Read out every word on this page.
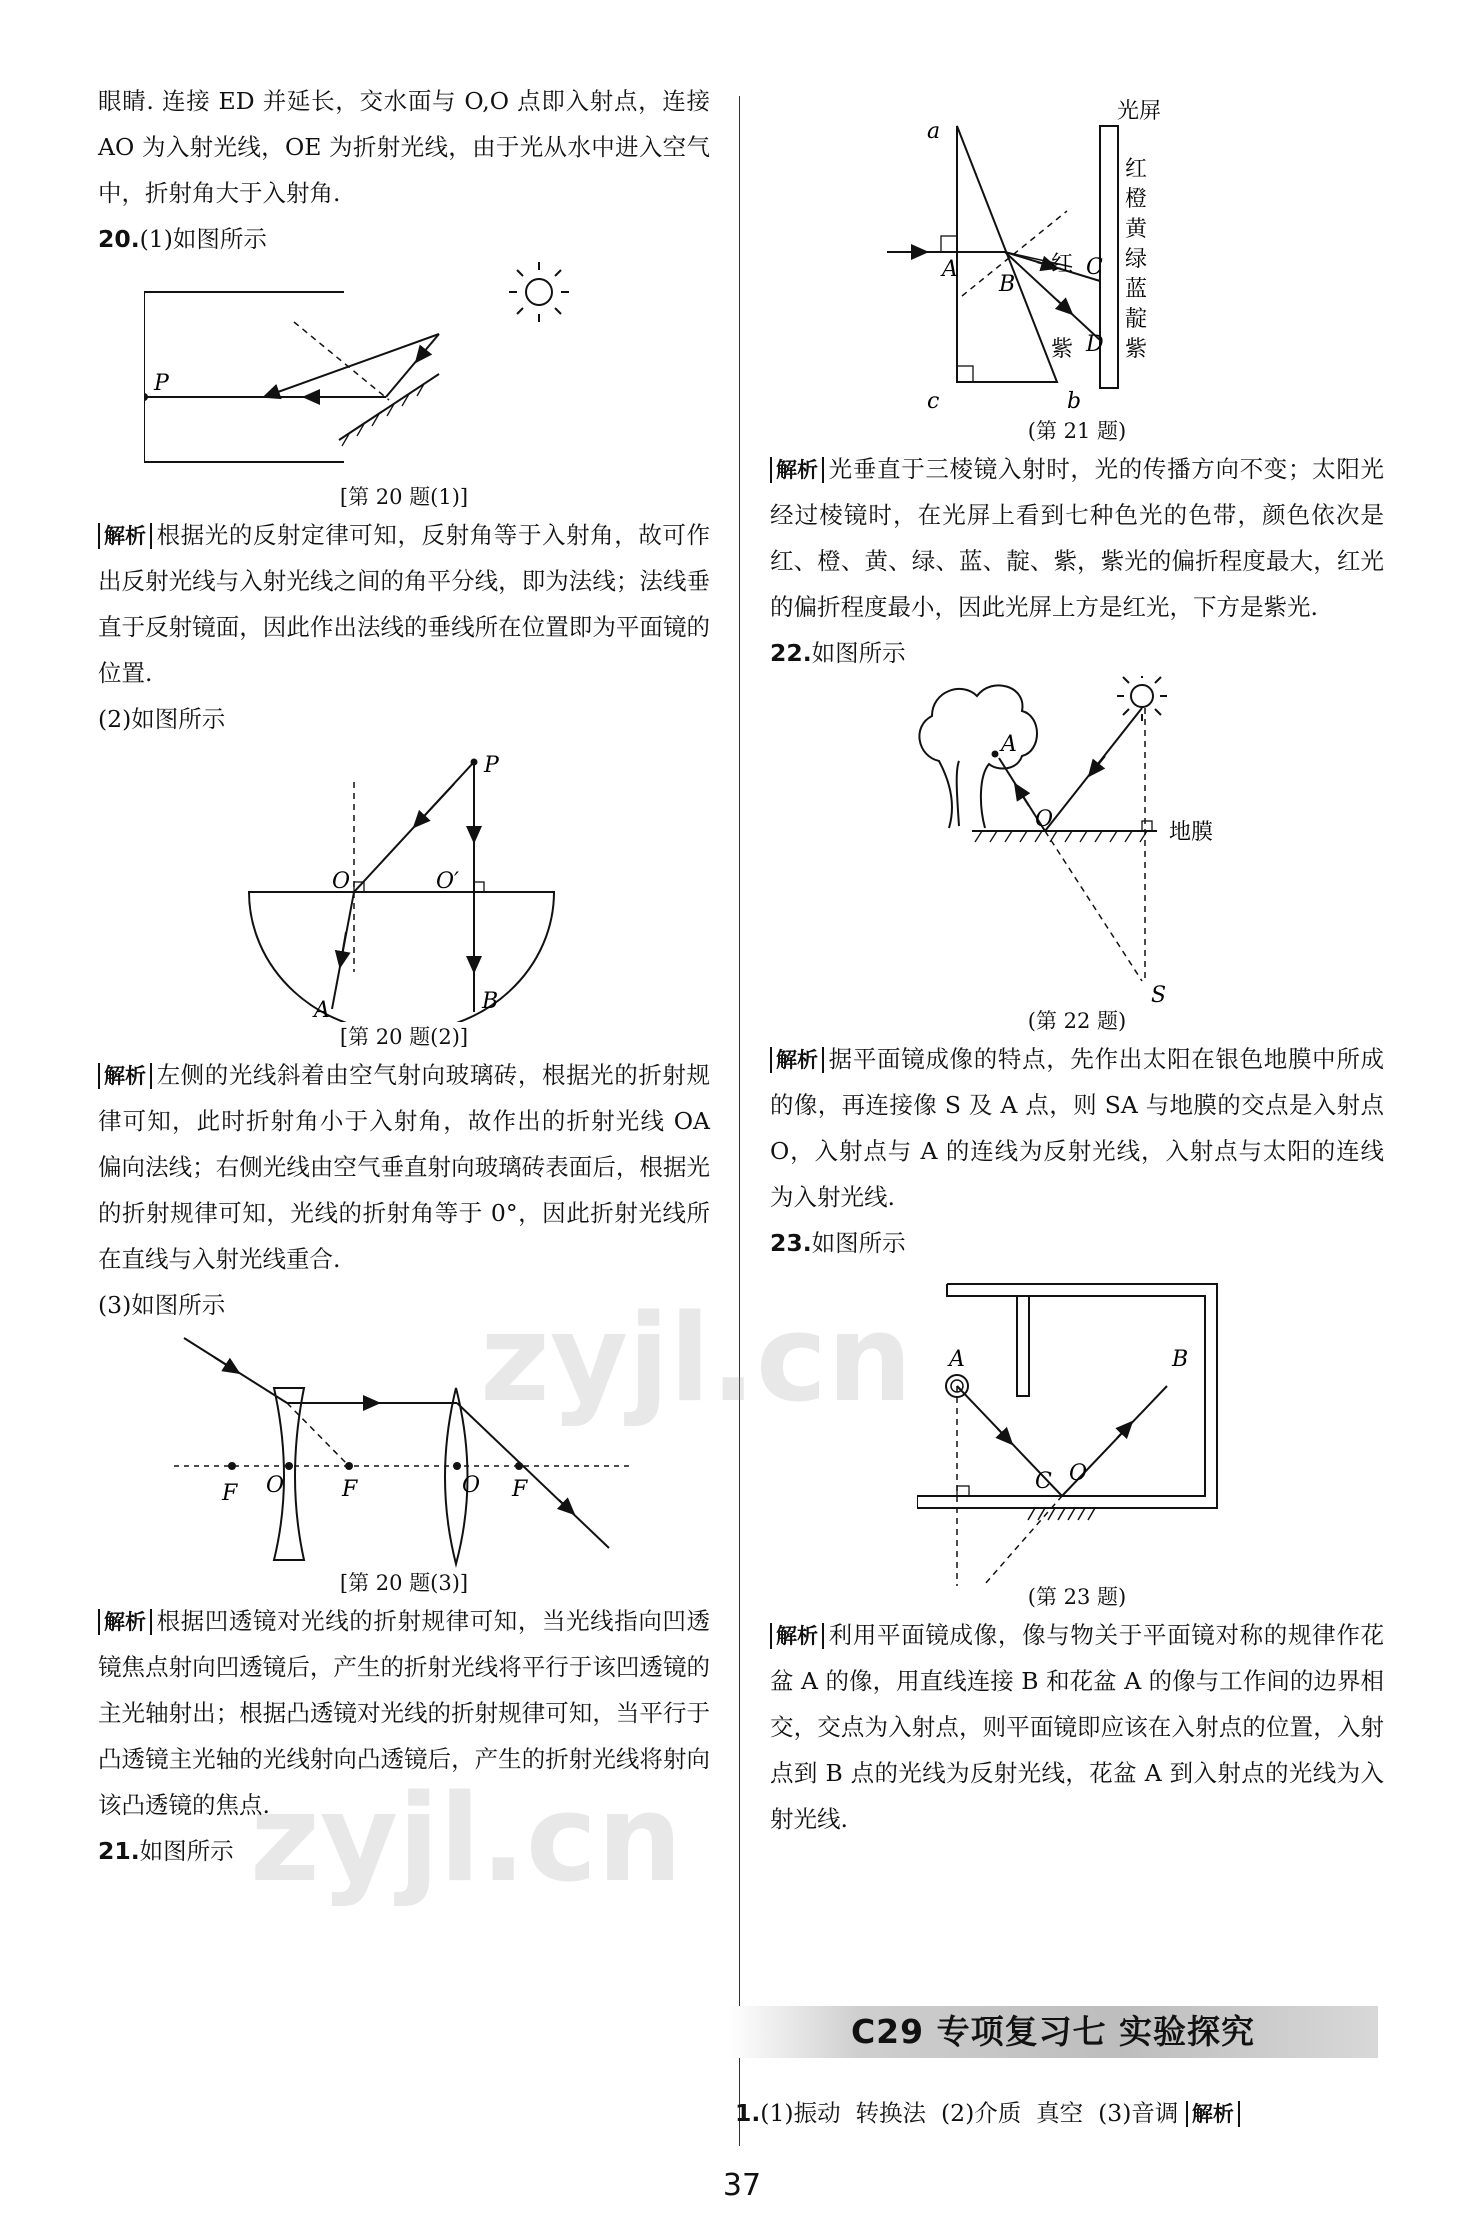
眼睛. 连接 ED 并延长，交水面与 O,O 点即入射点，连接 AO 为入射光线，OE 为折射光线，由于光从水中进入空气中，折射角大于入射角.

20.(1)如图所示

P

[第 20 题(1)]

解析 根据光的反射定律可知，反射角等于入射角，故可作出反射光线与入射光线之间的角平分线，即为法线；法线垂直于反射镜面，因此作出法线的垂线所在位置即为平面镜的位置.

(2)如图所示

P
O	O′
A	B

[第 20 题(2)]

解析 左侧的光线斜着由空气射向玻璃砖，根据光的折射规律可知，此时折射角小于入射角，故作出的折射光线 OA 偏向法线；右侧光线由空气垂直射向玻璃砖表面后，根据光的折射规律可知，光线的折射角等于 0°，因此折射光线所在直线与入射光线重合.

(3)如图所示

F O	F	O F

[第 20 题(3)]

解析 根据凹透镜对光线的折射规律可知，当光线指向凹透镜焦点射向凹透镜后，产生的折射光线将平行于该凹透镜的主光轴射出；根据凸透镜对光线的折射规律可知，当平行于凸透镜主光轴的光线射向凸透镜后，产生的折射光线将射向该凸透镜的焦点.

21.如图所示

光屏
a
c	b
A
B
红 C
紫 D
红
橙
黄
绿
蓝
靛
紫

(第 21 题)

解析 光垂直于三棱镜入射时，光的传播方向不变；太阳光经过棱镜时，在光屏上看到七种色光的色带，颜色依次是红、橙、黄、绿、蓝、靛、紫，紫光的偏折程度最大，红光的偏折程度最小，因此光屏上方是红光，下方是紫光.

22.如图所示

A
地膜
O
S

(第 22 题)

解析 据平面镜成像的特点，先作出太阳在银色地膜中所成的像，再连接像 S 及 A 点，则 SA 与地膜的交点是入射点 O，入射点与 A 的连线为反射光线，入射点与太阳的连线为入射光线.

23.如图所示

A	B
C O

(第 23 题)

解析 利用平面镜成像，像与物关于平面镜对称的规律作花盆 A 的像，用直线连接 B 和花盆 A 的像与工作间的边界相交，交点为入射点，则平面镜即应该在入射点的位置，入射点到 B 点的光线为反射光线，花盆 A 到入射点的光线为入射光线.

C29 专项复习七 实验探究

1.(1)振动  转换法  (2)介质  真空  (3)音调 解析

37
zyjl.cn
zyjl.cn
